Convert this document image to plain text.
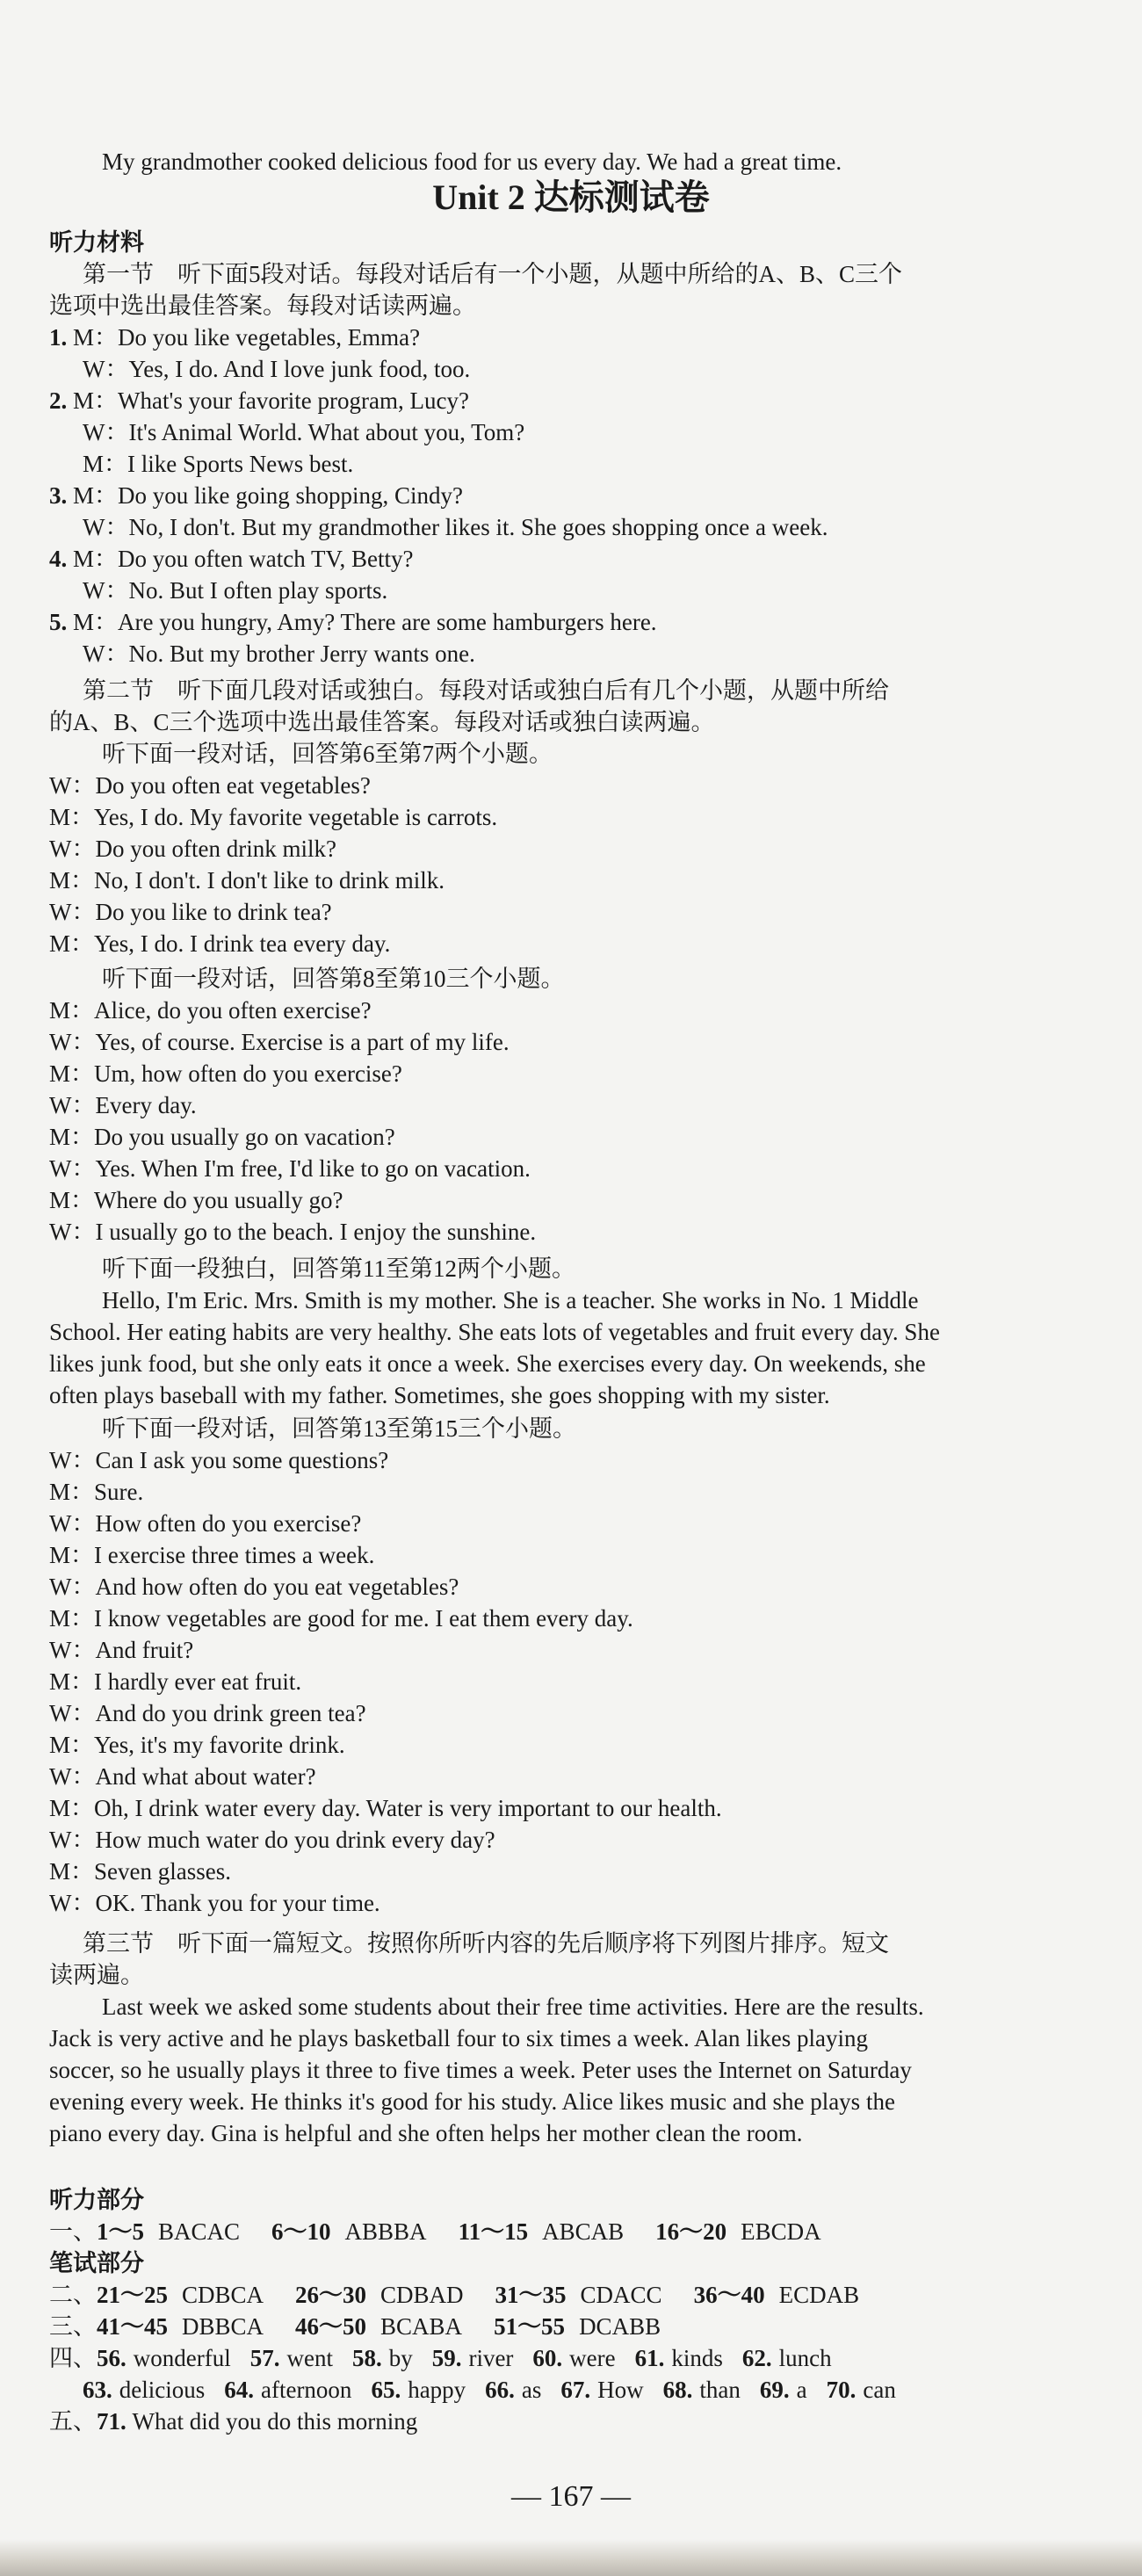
My grandmother cooked delicious food for us every day. We had a great time.
Unit 2 达标测试卷
听力材料
第一节　听下面5段对话。每段对话后有一个小题，从题中所给的A、B、C三个
选项中选出最佳答案。每段对话读两遍。
1. M：Do you like vegetables, Emma?
W：Yes, I do. And I love junk food, too.
2. M：What's your favorite program, Lucy?
W：It's Animal World. What about you, Tom?
M：I like Sports News best.
3. M：Do you like going shopping, Cindy?
W：No, I don't. But my grandmother likes it. She goes shopping once a week.
4. M：Do you often watch TV, Betty?
W：No. But I often play sports.
5. M：Are you hungry, Amy? There are some hamburgers here.
W：No. But my brother Jerry wants one.
第二节　听下面几段对话或独白。每段对话或独白后有几个小题，从题中所给
的A、B、C三个选项中选出最佳答案。每段对话或独白读两遍。
听下面一段对话，回答第6至第7两个小题。
W：Do you often eat vegetables?
M：Yes, I do. My favorite vegetable is carrots.
W：Do you often drink milk?
M：No, I don't. I don't like to drink milk.
W：Do you like to drink tea?
M：Yes, I do. I drink tea every day.
听下面一段对话，回答第8至第10三个小题。
M：Alice, do you often exercise?
W：Yes, of course. Exercise is a part of my life.
M：Um, how often do you exercise?
W：Every day.
M：Do you usually go on vacation?
W：Yes. When I'm free, I'd like to go on vacation.
M：Where do you usually go?
W：I usually go to the beach. I enjoy the sunshine.
听下面一段独白，回答第11至第12两个小题。
Hello, I'm Eric. Mrs. Smith is my mother. She is a teacher. She works in No. 1 Middle
School. Her eating habits are very healthy. She eats lots of vegetables and fruit every day. She
likes junk food, but she only eats it once a week. She exercises every day. On weekends, she
often plays baseball with my father. Sometimes, she goes shopping with my sister.
听下面一段对话，回答第13至第15三个小题。
W：Can I ask you some questions?
M：Sure.
W：How often do you exercise?
M：I exercise three times a week.
W：And how often do you eat vegetables?
M：I know vegetables are good for me. I eat them every day.
W：And fruit?
M：I hardly ever eat fruit.
W：And do you drink green tea?
M：Yes, it's my favorite drink.
W：And what about water?
M：Oh, I drink water every day. Water is very important to our health.
W：How much water do you drink every day?
M：Seven glasses.
W：OK. Thank you for your time.
第三节　听下面一篇短文。按照你所听内容的先后顺序将下列图片排序。短文
读两遍。
Last week we asked some students about their free time activities. Here are the results.
Jack is very active and he plays basketball four to six times a week. Alan likes playing
soccer, so he usually plays it three to five times a week. Peter uses the Internet on Saturday
evening every week. He thinks it's good for his study. Alice likes music and she plays the
piano every day. Gina is helpful and she often helps her mother clean the room.
听力部分
一、1～5 BACAC 6～10 ABBBA 11～15 ABCAB 16～20 EBCDA
笔试部分
二、21～25 CDBCA 26～30 CDBAD 31～35 CDACC 36～40 ECDAB
三、41～45 DBBCA 46～50 BCABA 51～55 DCABB
四、56. wonderful 57. went 58. by 59. river 60. were 61. kinds 62. lunch
63. delicious 64. afternoon 65. happy 66. as 67. How 68. than 69. a 70. can
五、71. What did you do this morning
— 167 —
